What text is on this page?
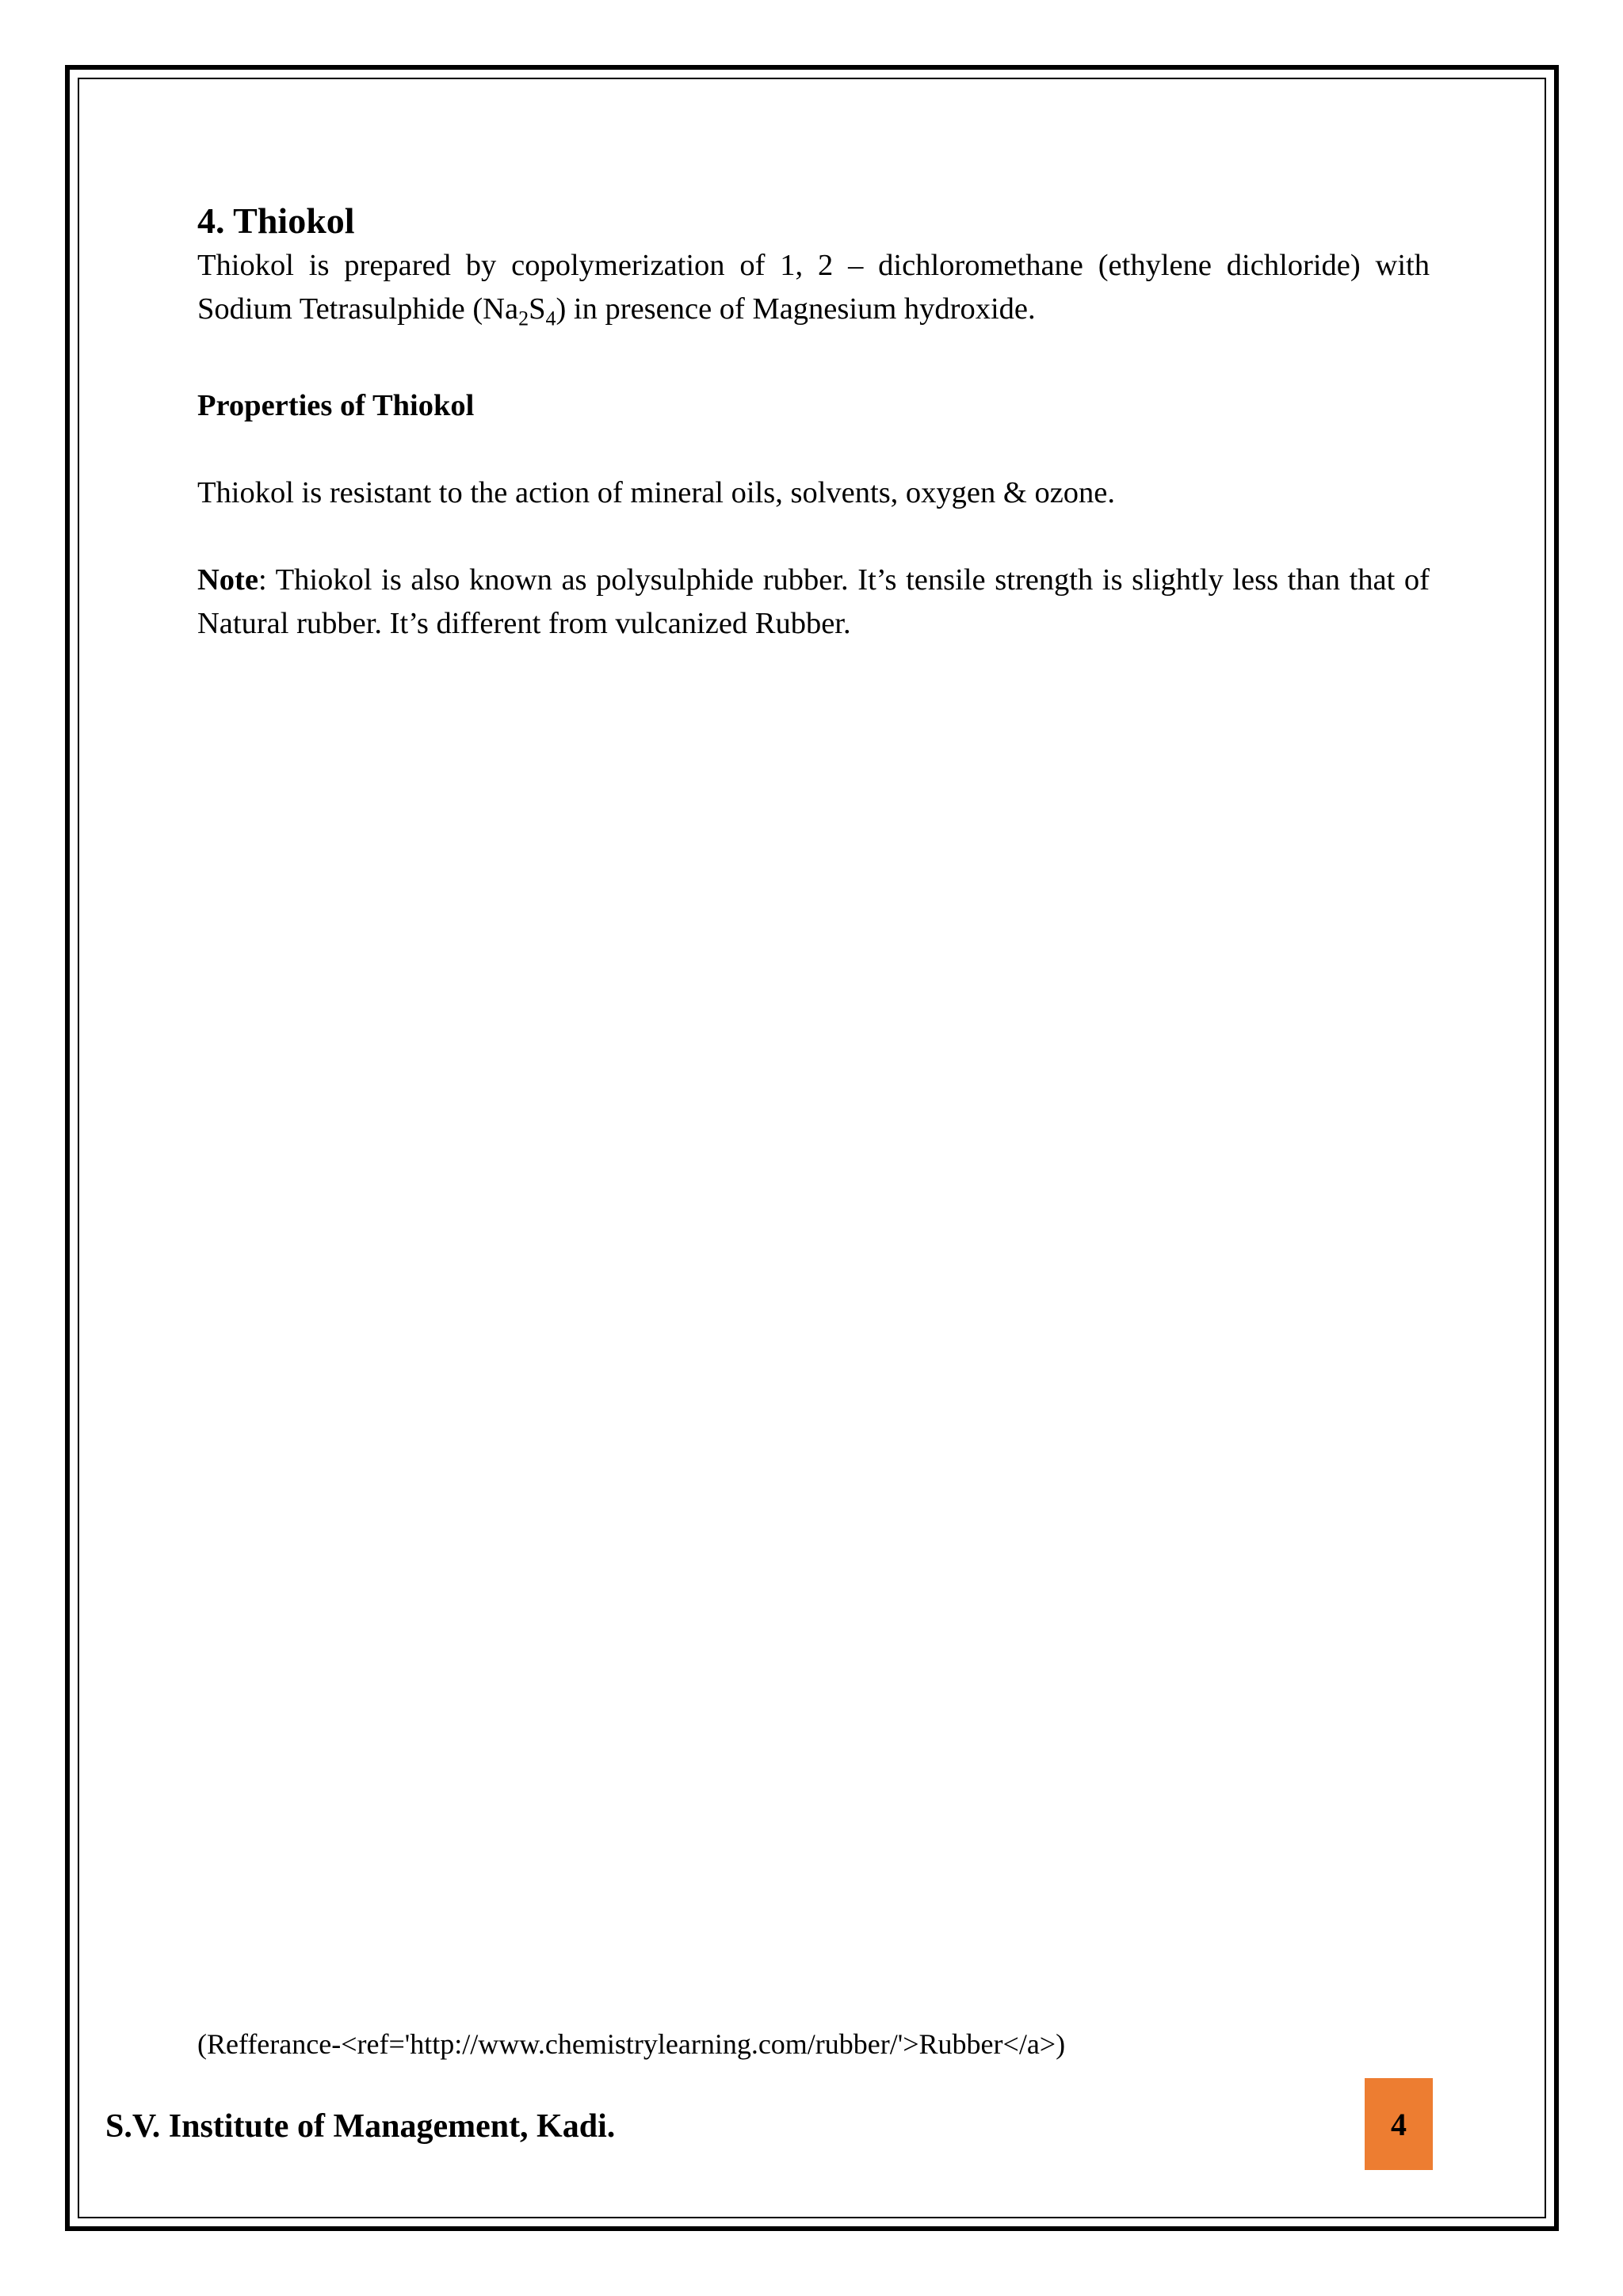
4. Thiokol

Thiokol is prepared by copolymerization of 1, 2 – dichloromethane (ethylene dichloride) with Sodium Tetrasulphide $(Na_2S_4)$ in presence of Magnesium hydroxide.

Properties of Thiokol

Thiokol is resistant to the action of mineral oils, solvents, oxygen & ozone.

Note: Thiokol is also known as polysulphide rubber. It’s tensile strength is slightly less than that of Natural rubber. It’s different from vulcanized Rubber.

(Refferance-<ref='http://www.chemistrylearning.com/rubber/'>Rubber</a>)
S.V. Institute of Management, Kadi.	4
